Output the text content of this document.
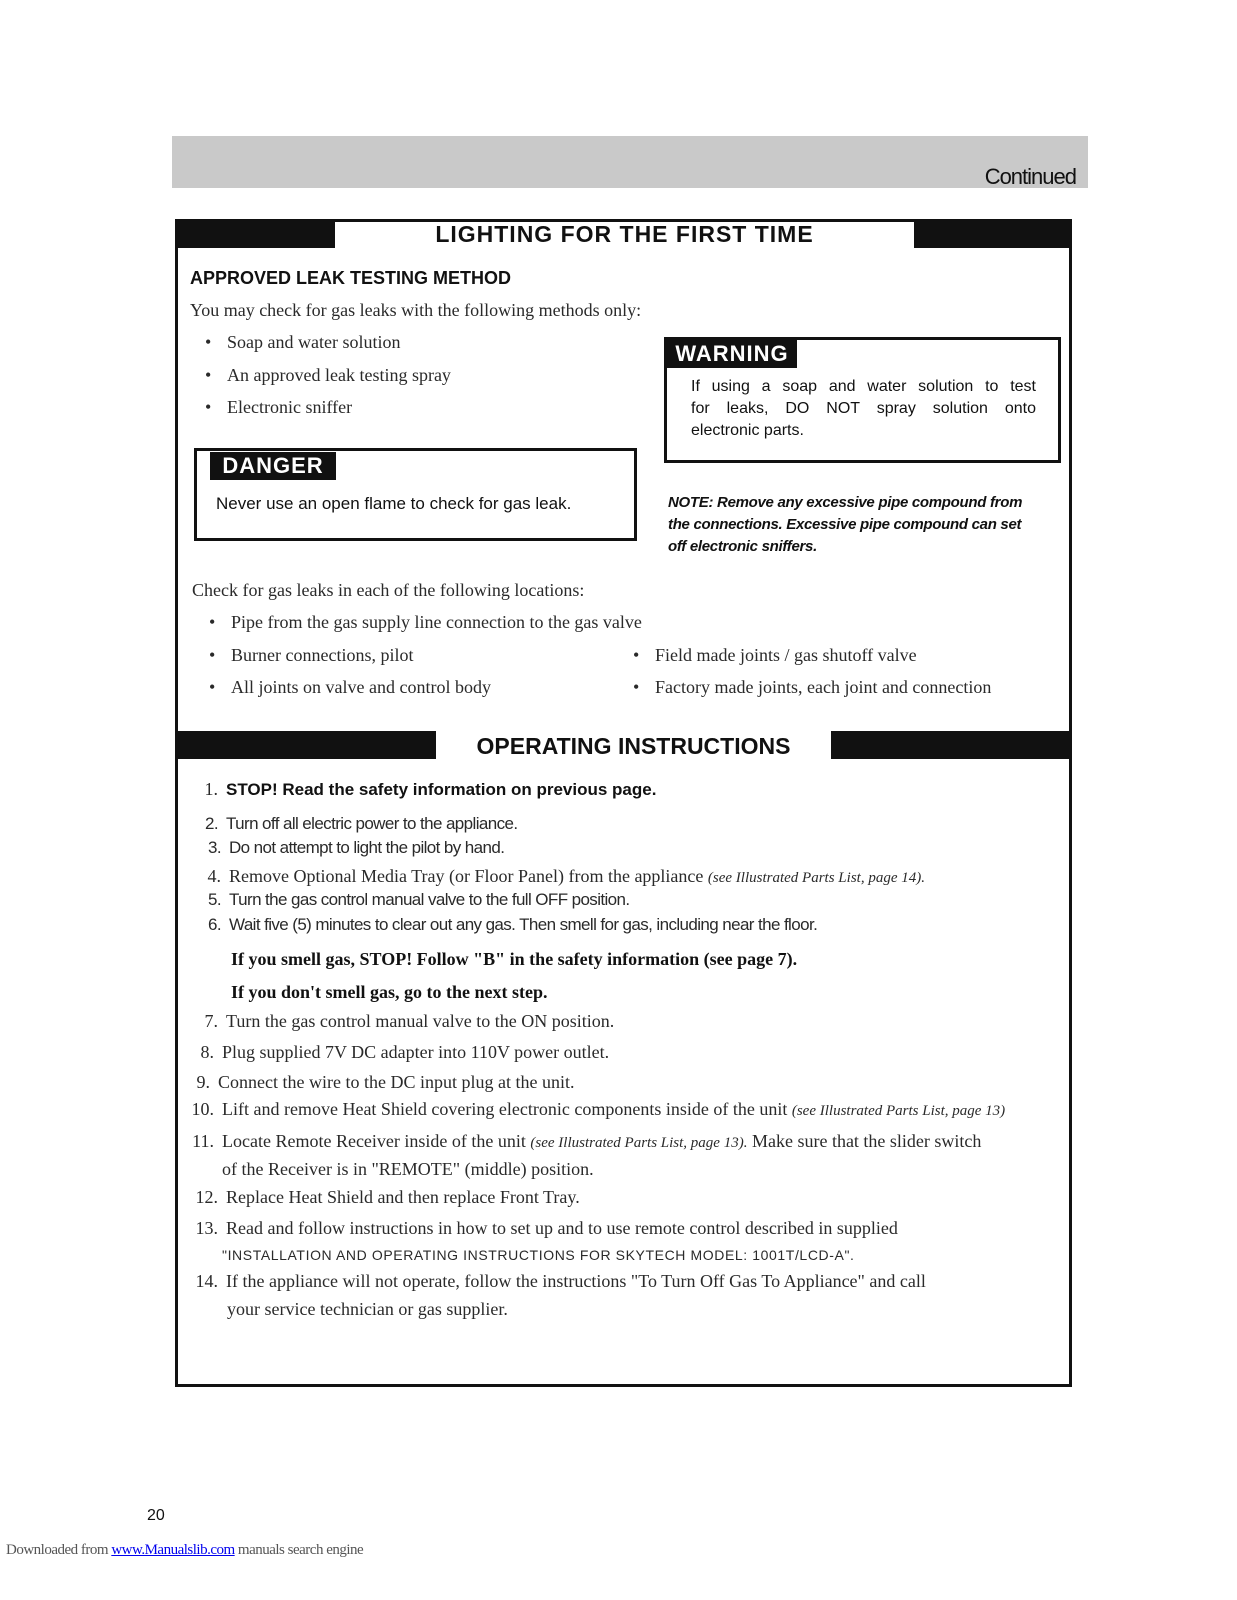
Continued
LIGHTING FOR THE FIRST TIME
APPROVED LEAK TESTING METHOD
You may check for gas leaks with the following methods only:
• Soap and water solution
• An approved leak testing spray
• Electronic sniffer
DANGER
Never use an open flame to check for gas leak.
WARNING
If using a soap and water solution to test
for leaks, DO NOT spray solution onto
electronic parts.
NOTE: Remove any excessive pipe compound from
the connections. Excessive pipe compound can set
off electronic sniffers.
Check for gas leaks in each of the following locations:
• Pipe from the gas supply line connection to the gas valve
• Burner connections, pilot
• All joints on valve and control body
• Field made joints / gas shutoff valve
• Factory made joints, each joint and connection
OPERATING INSTRUCTIONS
1. STOP! Read the safety information on previous page.
2. Turn off all electric power to the appliance.
3. Do not attempt to light the pilot by hand.
4. Remove Optional Media Tray (or Floor Panel) from the appliance (see Illustrated Parts List, page 14).
5. Turn the gas control manual valve to the full OFF position.
6. Wait five (5) minutes to clear out any gas. Then smell for gas, including near the floor.
If you smell gas, STOP! Follow "B" in the safety information (see page 7).
If you don't smell gas, go to the next step.
7. Turn the gas control manual valve to the ON position.
8. Plug supplied 7V DC adapter into 110V power outlet.
9. Connect the wire to the DC input plug at the unit.
10. Lift and remove Heat Shield covering electronic components inside of the unit (see Illustrated Parts List, page 13)
11. Locate Remote Receiver inside of the unit (see Illustrated Parts List, page 13). Make sure that the slider switch
of the Receiver is in "REMOTE" (middle) position.
12. Replace Heat Shield and then replace Front Tray.
13. Read and follow instructions in how to set up and to use remote control described in supplied
"INSTALLATION AND OPERATING INSTRUCTIONS FOR SKYTECH MODEL: 1001T/LCD-A".
14. If the appliance will not operate, follow the instructions "To Turn Off Gas To Appliance" and call
your service technician or gas supplier.
20
Downloaded from www.Manualslib.com manuals search engine
